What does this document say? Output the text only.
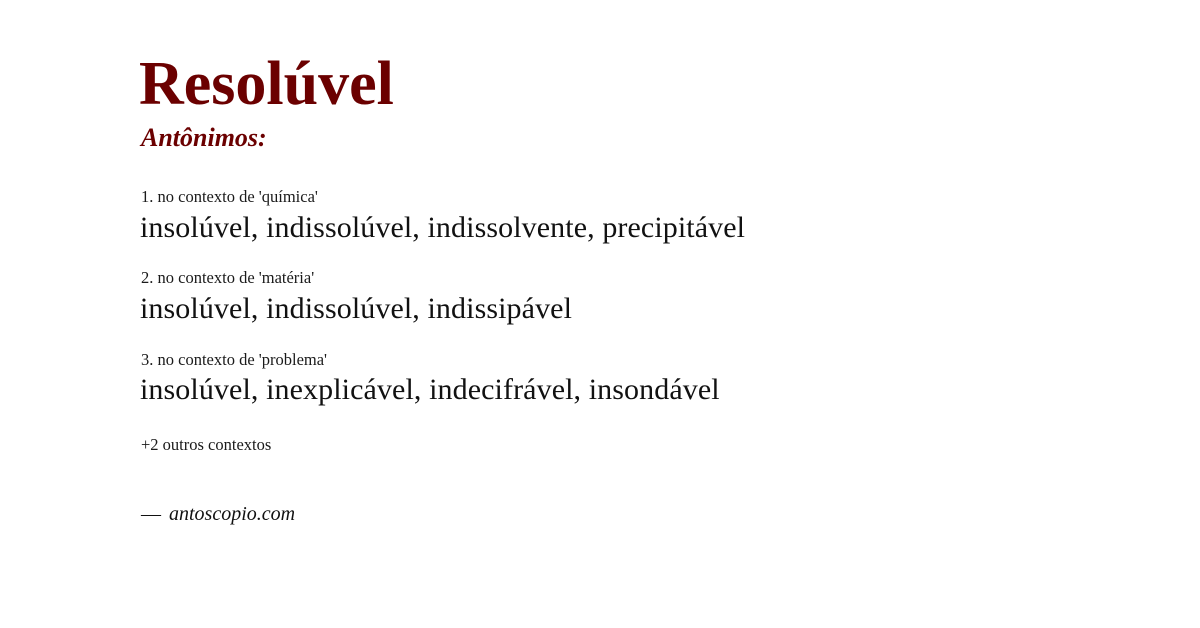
Resolúvel
Antônimos:
1. no contexto de 'química'
insolúvel, indissolúvel, indissolvente, precipitável
2. no contexto de 'matéria'
insolúvel, indissolúvel, indissipável
3. no contexto de 'problema'
insolúvel, inexplicável, indecifrável, insondável
+2 outros contextos
— antoscopio.com
